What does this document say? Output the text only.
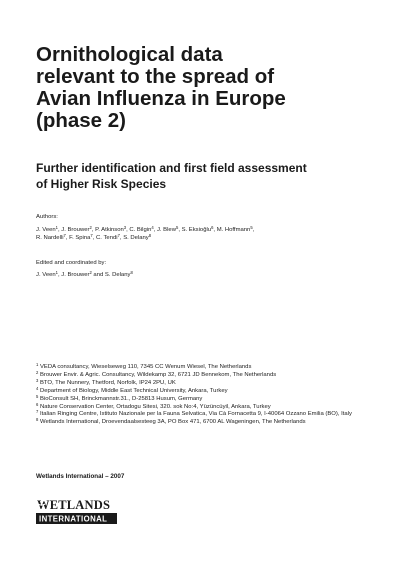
Ornithological data
relevant to the spread of
Avian Influenza in Europe
(phase 2)
Further identification and first field assessment
of Higher Risk Species
Authors:
J. Veen$^1$, J. Brouwer$^2$, P. Atkinson$^3$, C. Bilgin$^4$, J. Blew$^5$, S. Eksioğlu$^6$, M. Hoffmann$^5$,
R. Nardelli$^7$, F. Spina$^7$, C. Tendi$^7$, S. Delany$^8$
Edited and coordinated by:
J. Veen$^1$, J. Brouwer$^2$ and S. Delany$^8$
$^1$ VEDA consultancy, Wieselseweg 110, 7345 CC Wenum Wiesel, The Netherlands
$^2$ Brouwer Envir. & Agric. Consultancy, Wildekamp 32, 6721 JD Bennekom, The Netherlands
$^3$ BTO, The Nunnery, Thetford, Norfolk, IP24 2PU, UK
$^4$ Department of Biology, Middle East Technical University, Ankara, Turkey
$^5$ BioConsult SH, Brinckmannstr.31., D-25813 Husum, Germany
$^6$ Nature Conservation Center, Ortadogu Sitesi, 320. sok No:4, Yüzüncüyil, Ankara, Turkey
$^7$ Italian Ringing Centre, Istituto Nazionale per la Fauna Selvatica, Via Cà Fornacetta 9, I-40064 Ozzano Emilia (BO), Italy
$^8$ Wetlands International, Droevendaalsesteeg 3A, PO Box 471, 6700 AL Wageningen, The Netherlands
Wetlands International – 2007
WETLANDS
INTERNATIONAL
